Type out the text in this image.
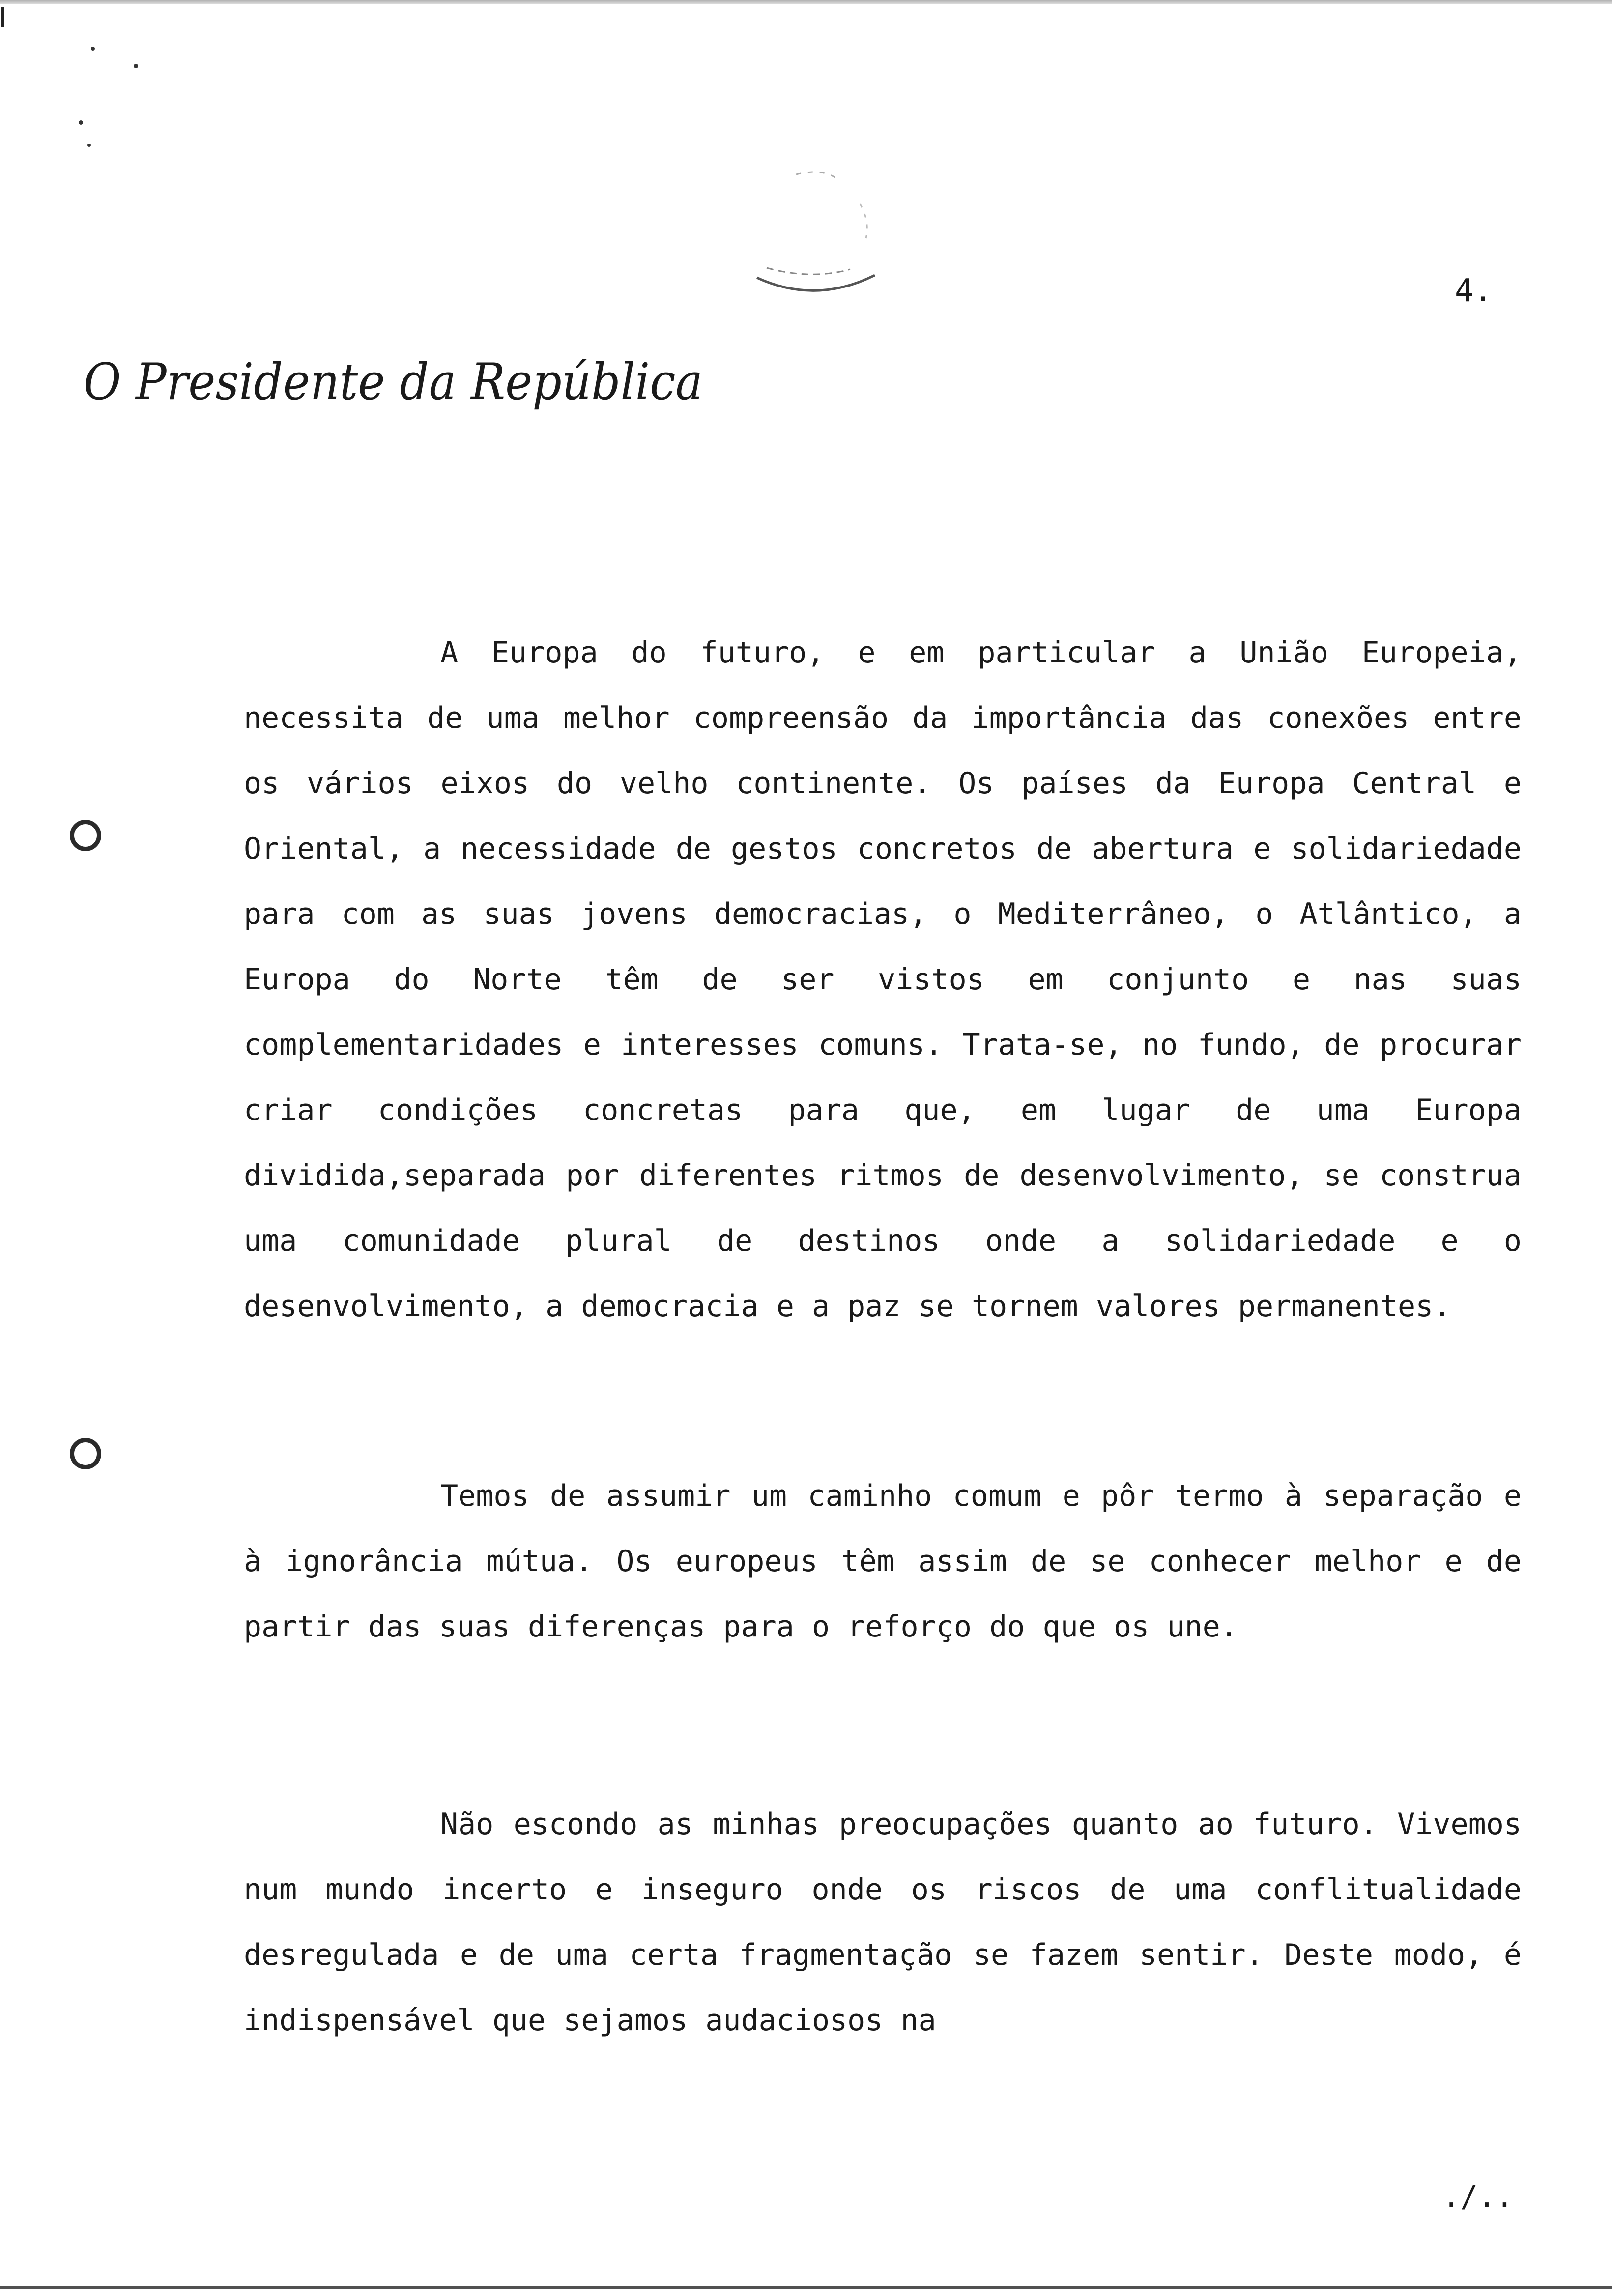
4.
O Presidente da República

A Europa do futuro, e em particular a União Europeia, necessita de uma melhor compreensão da importância das conexões entre os vários eixos do velho continente. Os países da Europa Central e Oriental, a necessidade de gestos concretos de abertura e solidariedade para com as suas jovens democracias, o Mediterrâneo, o Atlântico, a Europa do Norte têm de ser vistos em conjunto e nas suas complementaridades e interesses comuns. Trata-se, no fundo, de procurar criar condições concretas para que, em lugar de uma Europa dividida,separada por diferentes ritmos de desenvolvimento, se construa uma comunidade plural de destinos onde a solidariedade e o desenvolvimento, a democracia e a paz se tornem valores permanentes.

Temos de assumir um caminho comum e pôr termo à separação e à ignorância mútua. Os europeus têm assim de se conhecer melhor e de partir das suas diferenças para o reforço do que os une.

Não escondo as minhas preocupações quanto ao futuro. Vivemos num mundo incerto e inseguro onde os riscos de uma conflitualidade desregulada e de uma certa fragmentação se fazem sentir. Deste modo, é indispensável que sejamos audaciosos na

./..
